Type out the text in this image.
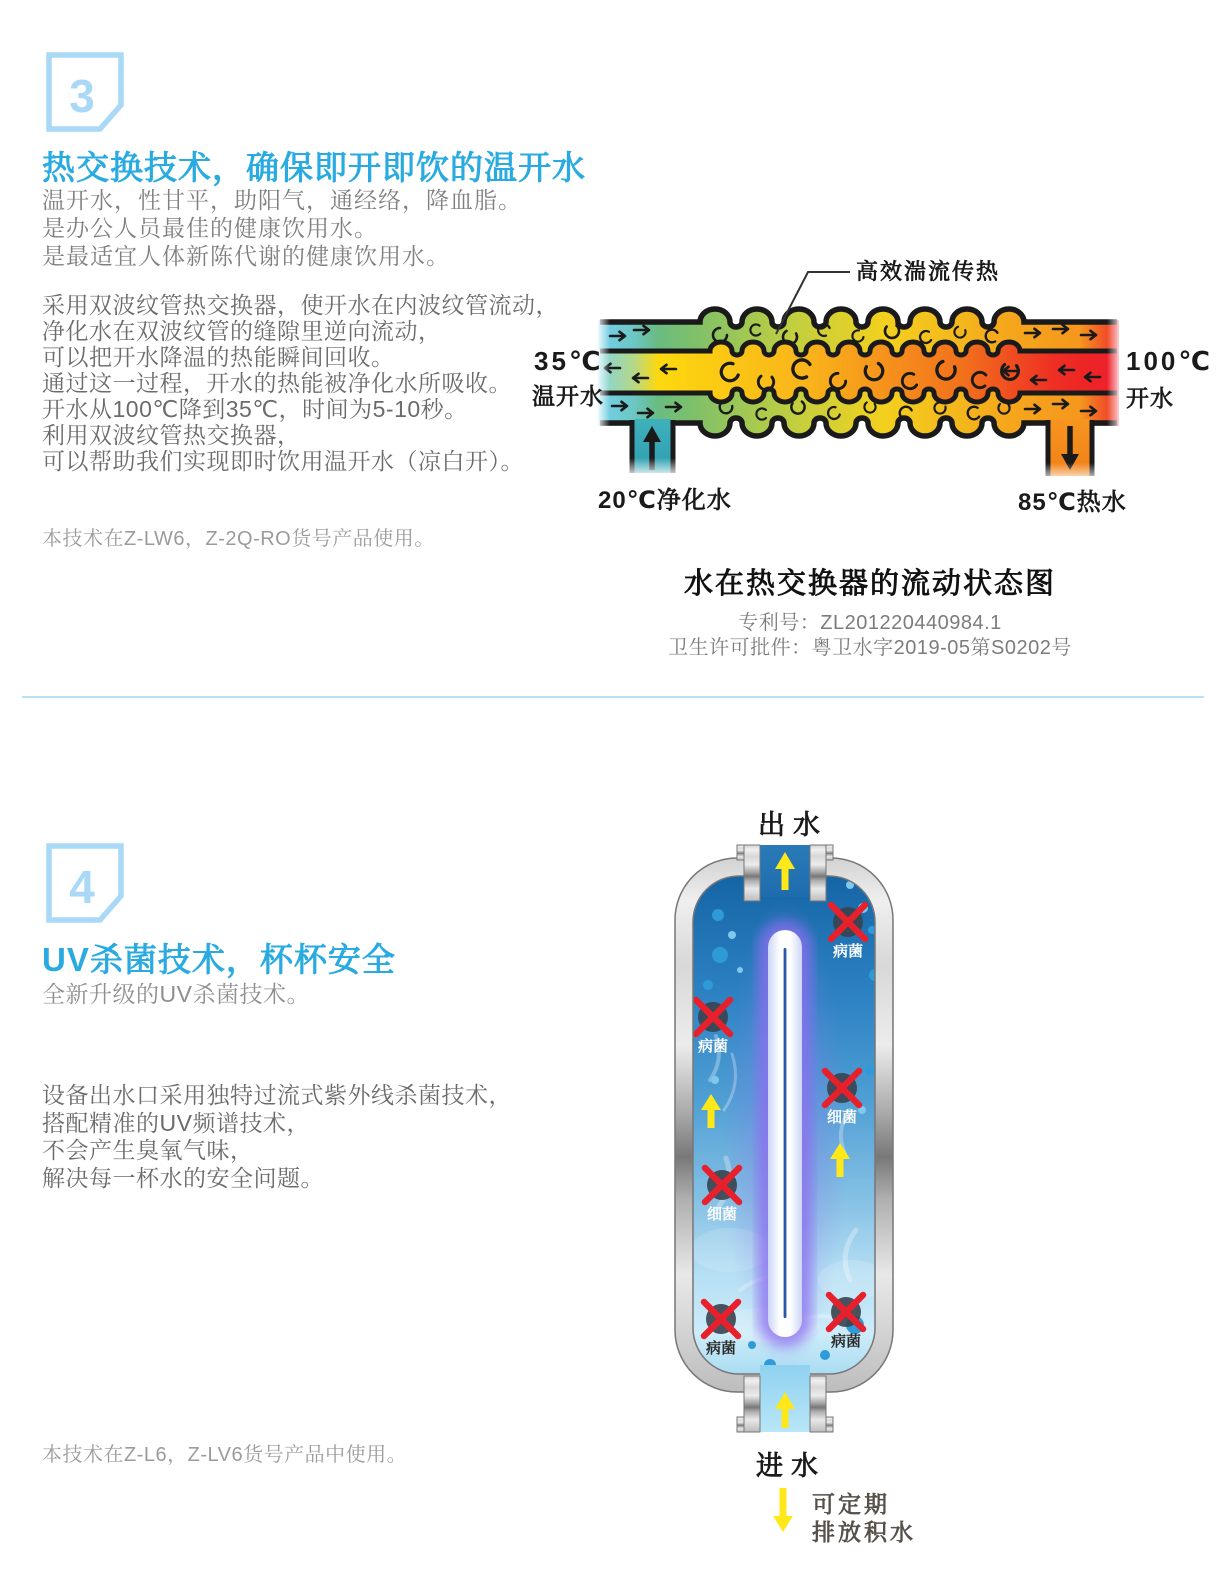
3
热交换技术，确保即开即饮的温开水
温开水，性甘平，助阳气，通经络，降血脂。
是办公人员最佳的健康饮用水。
是最适宜人体新陈代谢的健康饮用水。
采用双波纹管热交换器，使开水在内波纹管流动，
净化水在双波纹管的缝隙里逆向流动，
可以把开水降温的热能瞬间回收。
通过这一过程，开水的热能被净化水所吸收。
开水从100℃降到35℃，时间为5-10秒。
利用双波纹管热交换器，
可以帮助我们实现即时饮用温开水（凉白开）。
本技术在Z-LW6，Z-2Q-RO货号产品使用。
高效湍流传热
35℃
温开水
100℃
开水
20℃净化水	85℃热水
水在热交换器的流动状态图
专利号：ZL201220440984.1
卫生许可批件：粤卫水字2019-05第S0202号
4
UV杀菌技术，杯杯安全
全新升级的UV杀菌技术。
设备出水口采用独特过流式紫外线杀菌技术，
搭配精准的UV频谱技术，
不会产生臭氧气味，
解决每一杯水的安全问题。
本技术在Z-L6，Z-LV6货号产品中使用。
病菌
病菌
细菌
细菌
病菌	病菌
出水
进水
可定期
排放积水
